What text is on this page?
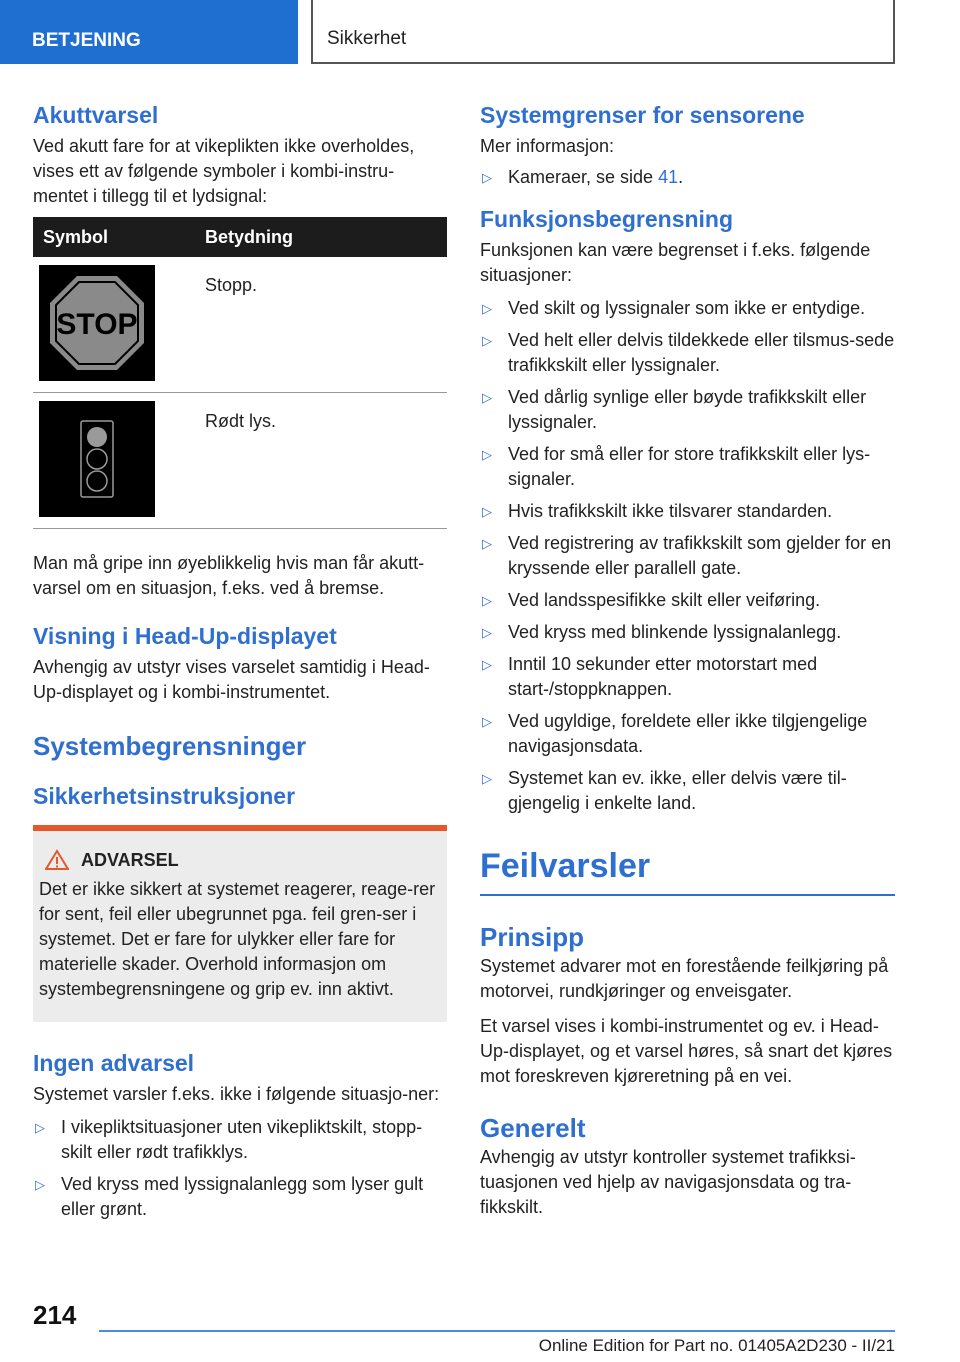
BETJENING	Sikkerhet
Akuttvarsel
Ved akutt fare for at vikeplikten ikke overholdes, vises ett av følgende symboler i kombi-instru-mentet i tillegg til et lydsignal:
Symbol	Betydning
STOP
Stopp.
Rødt lys.
Man må gripe inn øyeblikkelig hvis man får akutt-varsel om en situasjon, f.eks. ved å bremse.
Visning i Head-Up-displayet
Avhengig av utstyr vises varselet samtidig i Head-Up-displayet og i kombi-instrumentet.
Systembegrensninger
Sikkerhetsinstruksjoner
ADVARSEL
Det er ikke sikkert at systemet reagerer, reage-rer for sent, feil eller ubegrunnet pga. feil gren-ser i systemet. Det er fare for ulykker eller fare for materielle skader. Overhold informasjon om systembegrensningene og grip ev. inn aktivt.
Ingen advarsel
Systemet varsler f.eks. ikke i følgende situasjo-ner:
▷ I vikepliktsituasjoner uten vikepliktskilt, stopp-skilt eller rødt trafikklys.
▷ Ved kryss med lyssignalanlegg som lyser gult eller grønt.
Systemgrenser for sensorene
Mer informasjon:
▷ Kameraer, se side 41.
Funksjonsbegrensning
Funksjonen kan være begrenset i f.eks. følgende situasjoner:
▷ Ved skilt og lyssignaler som ikke er entydige.
▷ Ved helt eller delvis tildekkede eller tilsmus-sede trafikkskilt eller lyssignaler.
▷ Ved dårlig synlige eller bøyde trafikkskilt eller lyssignaler.
▷ Ved for små eller for store trafikkskilt eller lys-signaler.
▷ Hvis trafikkskilt ikke tilsvarer standarden.
▷ Ved registrering av trafikkskilt som gjelder for en kryssende eller parallell gate.
▷ Ved landsspesifikke skilt eller veiføring.
▷ Ved kryss med blinkende lyssignalanlegg.
▷ Inntil 10 sekunder etter motorstart med start-/stoppknappen.
▷ Ved ugyldige, foreldete eller ikke tilgjengelige navigasjonsdata.
▷ Systemet kan ev. ikke, eller delvis være til-gjengelig i enkelte land.
Feilvarsler
Prinsipp
Systemet advarer mot en forestående feilkjøring på motorvei, rundkjøringer og enveisgater.
Et varsel vises i kombi-instrumentet og ev. i Head-Up-displayet, og et varsel høres, så snart det kjøres mot foreskreven kjøreretning på en vei.
Generelt
Avhengig av utstyr kontroller systemet trafikksi-tuasjonen ved hjelp av navigasjonsdata og tra-fikkskilt.
214
Online Edition for Part no. 01405A2D230 - II/21
